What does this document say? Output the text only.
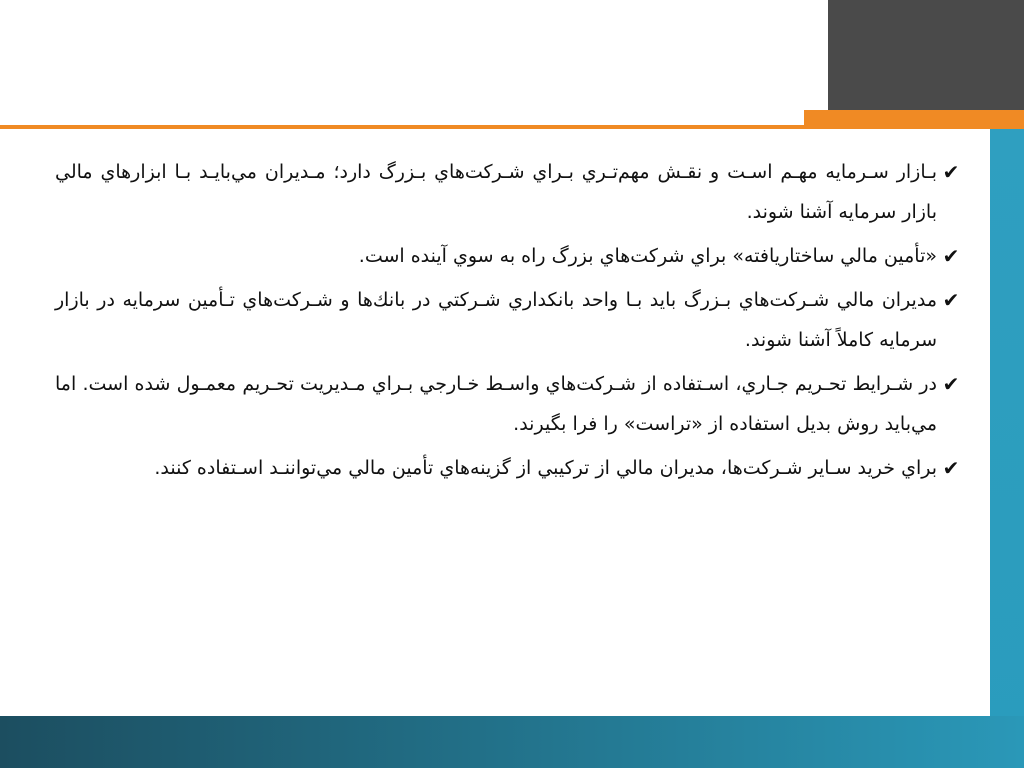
✔
بـازار سـرمايه مهـم اسـت و نقـش مهم‌تـري بـراي شـركت‌هاي بـزرگ دارد؛ مـديران مي‌بايـد بـا ابزارهاي مالي بازار سرمايه آشنا شوند.
✔
«تأمين مالي ساختاريافته» براي شركت‌هاي بزرگ راه به سوي آينده است.
✔
مديران مالي شـركت‌هاي بـزرگ بايد بـا واحد بانكداري شـركتي در بانك‌ها و شـركت‌هاي تـأمين سرمايه در بازار سرمايه كاملاً آشنا شوند.
✔
در شـرايط تحـريم جـاري، اسـتفاده از شـركت‌هاي واسـط خـارجي بـراي مـديريت تحـريم معمـول شده است. اما مي‌بايد روش بديل استفاده از «تراست» را فرا بگيرند.
✔
براي خريد سـاير شـركت‌ها، مديران مالي از تركيبي از گزينه‌هاي تأمين مالي مي‌تواننـد اسـتفاده كنند.
